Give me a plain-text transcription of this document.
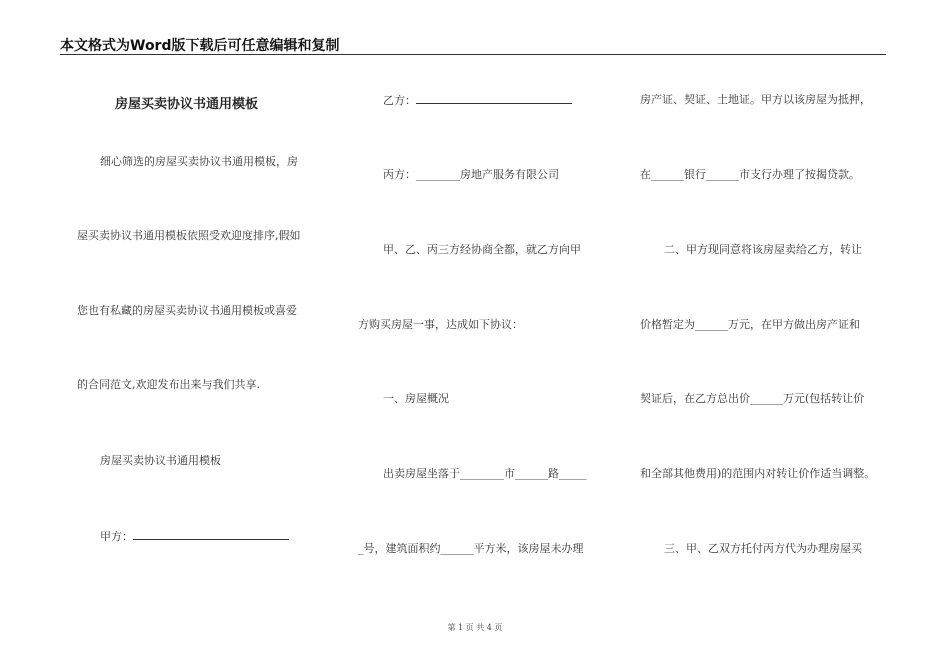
本文格式为Word版下载后可任意编辑和复制
房屋买卖协议书通用模板
细心筛选的房屋买卖协议书通用模板，房
屋买卖协议书通用模板依照受欢迎度排序,假如
您也有私藏的房屋买卖协议书通用模板或喜爱
的合同范文,欢迎发布出来与我们共享.
房屋买卖协议书通用模板
甲方：
乙方：
丙方：________房地产服务有限公司
甲、乙、丙三方经协商全都，就乙方向甲
方购买房屋一事，达成如下协议：
一、房屋概况
出卖房屋坐落于________市______路_____
_号，建筑面积约______平方米，该房屋未办理
房产证、契证、土地证。甲方以该房屋为抵押，
在______银行______市支行办理了按揭贷款。
二、甲方现同意将该房屋卖给乙方，转让
价格暂定为______万元，在甲方做出房产证和
契证后，在乙方总出价______万元(包括转让价
和全部其他费用)的范围内对转让价作适当调整。
三、甲、乙双方托付丙方代为办理房屋买
第 1 页 共 4 页
